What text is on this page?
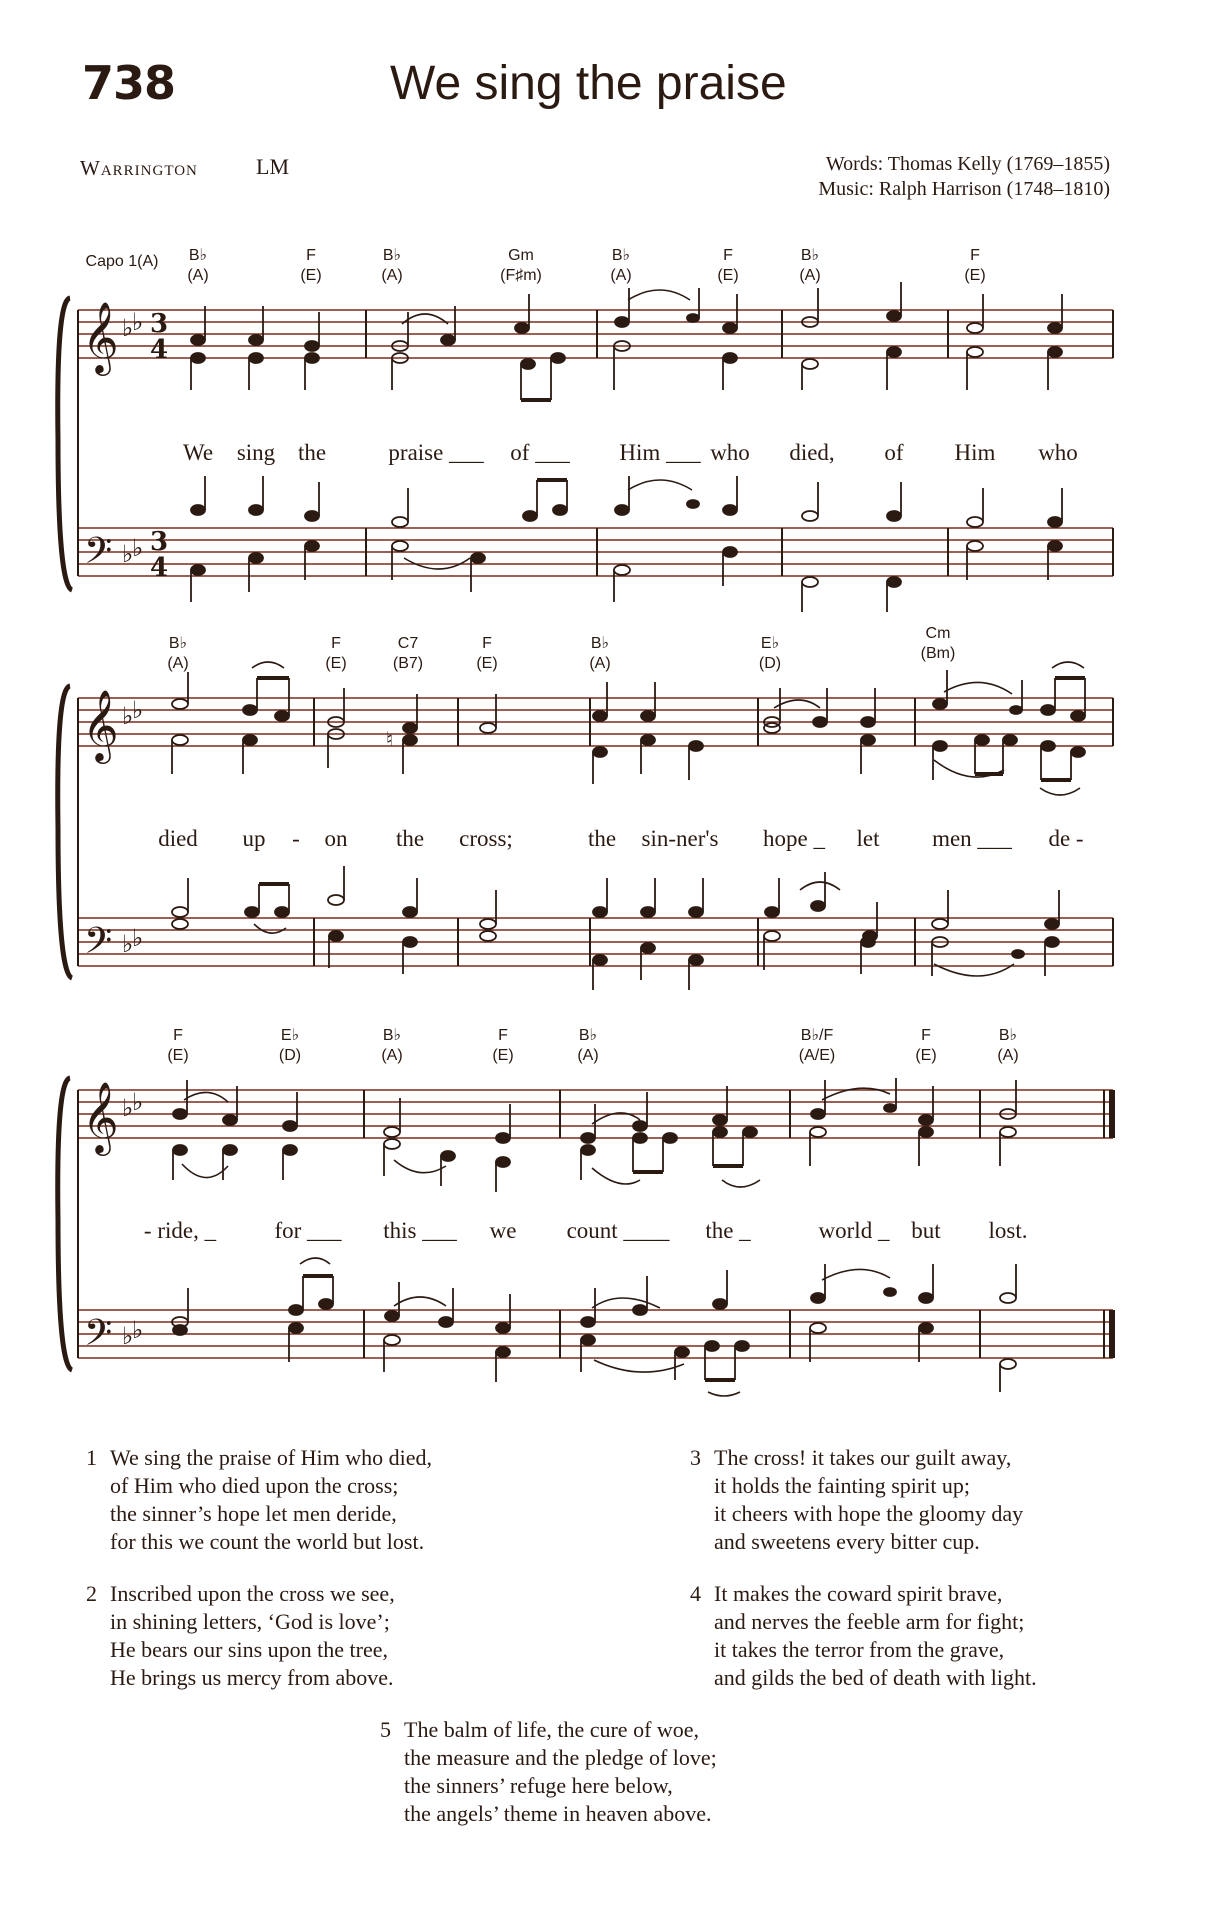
738	We sing the praise
Warrington	LM	Words: Thomas Kelly (1769–1855)
Music: Ralph Harrison (1748–1810)
Capo 1(A) B♭
(A)
F
(E)
B♭
(A)
Gm
(F♯m)
B♭
(A)
F
(E)
B♭
(A)
F
(E)
𝄞
𝄢
♭
♭
♭
♭
3
4
3
4
We sing the	praise ___ of ___ Him ___ who died, of Him who
B♭
(A)
F
(E)
C7
(B7)
F
(E)
B♭
(A)
E♭
(D)
Cm
(Bm)
𝄞
𝄢
♭
♭
♭
♭
♮
died up - on the cross;	the sin-ner's hope _ let men ___ de -
F
(E)
E♭
(D)
B♭
(A)
F
(E)
B♭
(A)
B♭/F
(A/E)
F
(E)
B♭
(A)
𝄞
𝄢
♭
♭
♭
♭
- ride, _	for ___ this ___ we count ____ the _	world _ but lost.
1 We sing the praise of Him who died,
of Him who died upon the cross;
the sinner’s hope let men deride,
for this we count the world but lost.
2 Inscribed upon the cross we see,
in shining letters, ‘God is love’;
He bears our sins upon the tree,
He brings us mercy from above.
3 The cross! it takes our guilt away,
it holds the fainting spirit up;
it cheers with hope the gloomy day
and sweetens every bitter cup.
4 It makes the coward spirit brave,
and nerves the feeble arm for fight;
it takes the terror from the grave,
and gilds the bed of death with light.
5 The balm of life, the cure of woe,
the measure and the pledge of love;
the sinners’ refuge here below,
the angels’ theme in heaven above.
